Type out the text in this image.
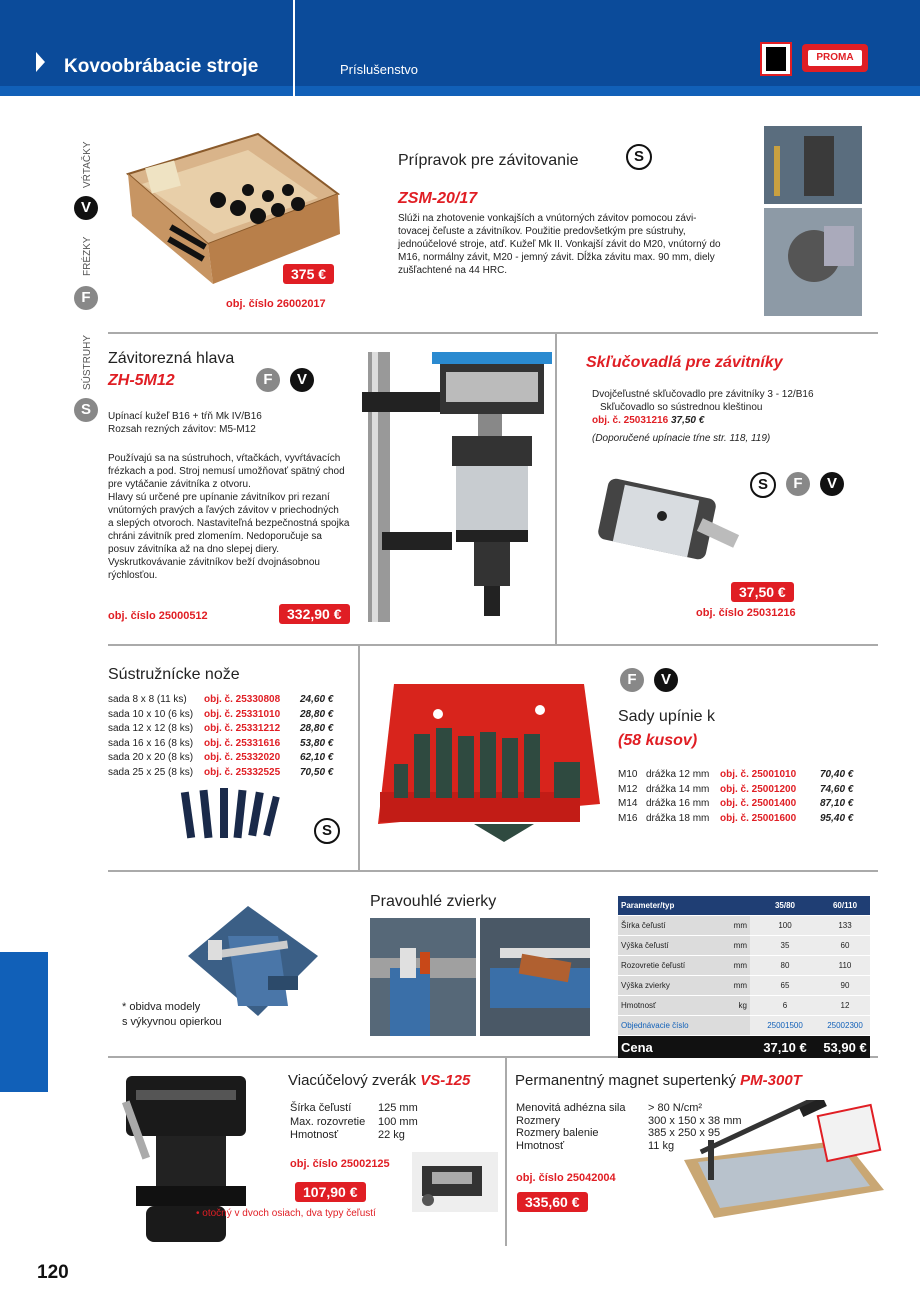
Kovoobrábacie stroje	Príslušenstvo
PROMA
VŔTAČKY
V
FRÉZKY
F
SÚSTRUHY
S
375 €
obj. číslo 26002017
Prípravok pre závitovanie	S
ZSM-20/17
Slúži na zhotovenie vonkajších a vnútorných závitov pomocou závi-
tovacej čeľuste a závitníkov. Použitie predovšetkým pre sústruhy,
jednoúčelové stroje, atď. Kužeľ Mk II. Vonkajší závit do M20, vnútorný do
M16, normálny závit, M20 - jemný závit. Dĺžka závitu max. 90 mm, diely
zušľachtené na 44 HRC.
Závitorezná hlava
ZH-5M12	F	V
Upínací kužeľ B16 + tŕň Mk IV/B16
Rozsah rezných závitov: M5-M12
Používajú sa na sústruhoch, vŕtačkách, vyvŕtávacích
frézkach a pod. Stroj nemusí umožňovať spätný chod
pre vytáčanie závitníka z otvoru.
Hlavy sú určené pre upínanie závitníkov pri rezaní
vnútorných pravých a ľavých závitov v priechodných
a slepých otvoroch. Nastaviteľná bezpečnostná spojka
chráni závitník pred zlomením. Nedoporučuje sa
posuv závitníka až na dno slepej diery.
Vyskrutkovávanie závitníkov beží dvojnásobnou
rýchlosťou.
obj. číslo 25000512	332,90 €
Skľučovadlá pre závitníky
Dvojčeľustné skľučovadlo pre závitníky 3 - 12/B16
Skľučovadlo so sústrednou kleštinou
obj. č. 25031216 37,50 €
(Doporučené upínacie tŕne str. 118, 119)
S	F	V
37,50 €
obj. číslo 25031216
Sústružnícke nože
sada 8 x 8 (11 ks)	obj. č. 25330808	24,60 €
sada 10 x 10 (6 ks)	obj. č. 25331010	28,80 €
sada 12 x 12 (8 ks)	obj. č. 25331212	28,80 €
sada 16 x 16 (8 ks)	obj. č. 25331616	53,80 €
sada 20 x 20 (8 ks)	obj. č. 25332020	62,10 €
sada 25 x 25 (8 ks)	obj. č. 25332525	70,50 €
S
F	V
Sady upínie k
(58 kusov)
M10 drážka 12 mm	obj. č. 25001010	70,40 €
M12 drážka 14 mm	obj. č. 25001200	74,60 €
M14 drážka 16 mm	obj. č. 25001400	87,10 €
M16 drážka 18 mm	obj. č. 25001600	95,40 €
* obidva modely
s výkyvnou opierkou
Pravouhlé zvierky	Parameter/typ		35/80	60/110
Šírka čeľustí	mm	100	133
Výška čeľustí	mm	35	60
Rozovretie čeľustí	mm	80	110
Výška zvierky	mm	65	90
Hmotnosť	kg	6	12
Objednávacie číslo		25001500	25002300
Cena		37,10 €	53,90 €
Viacúčelový zverák VS-125
Šírka čeľustí	125 mm
Max. rozovretie	100 mm
Hmotnosť	22 kg
obj. číslo 25002125
107,90 €
• otočný v dvoch osiach, dva typy čeľustí
Permanentný magnet supertenký PM-300T
Menovitá adhézna sila	> 80 N/cm²
Rozmery	300 x 150 x 38 mm
Rozmery balenie	385 x 250 x 95
Hmotnosť	11 kg
obj. číslo 25042004
335,60 €
120
